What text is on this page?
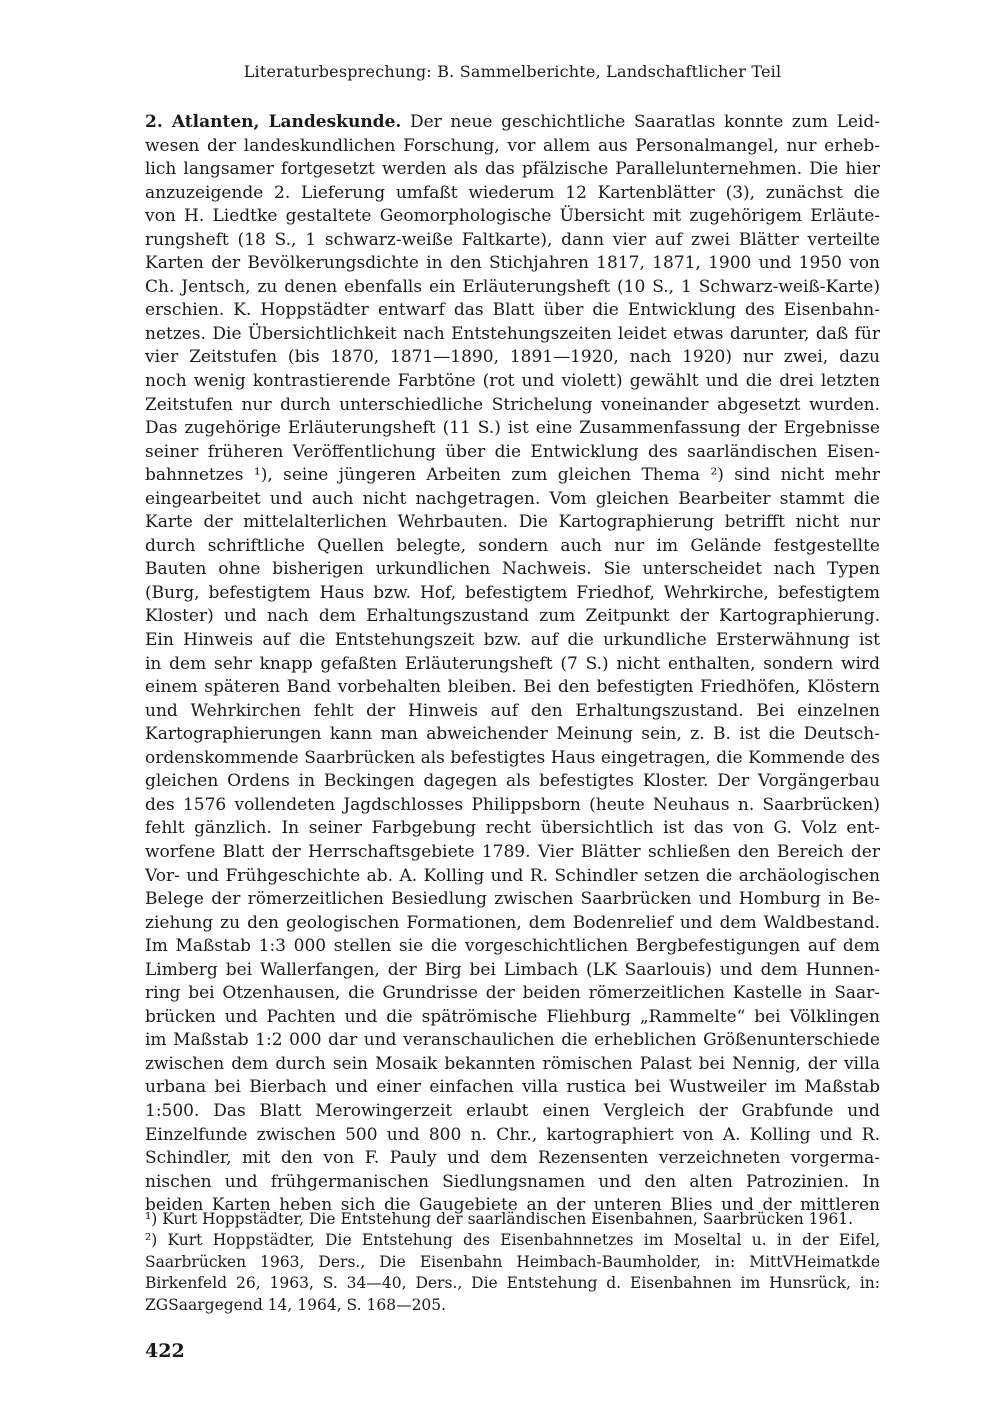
Literaturbesprechung: B. Sammelberichte, Landschaftlicher Teil
2. Atlanten, Landeskunde. Der neue geschichtliche Saaratlas konnte zum Leid-
wesen der landeskundlichen Forschung, vor allem aus Personalmangel, nur erheb-
lich langsamer fortgesetzt werden als das pfälzische Parallelunternehmen. Die hier
anzuzeigende 2. Lieferung umfaßt wiederum 12 Kartenblätter (3), zunächst die
von H. Liedtke gestaltete Geomorphologische Übersicht mit zugehörigem Erläute-
rungsheft (18 S., 1 schwarz-weiße Faltkarte), dann vier auf zwei Blätter verteilte
Karten der Bevölkerungsdichte in den Stichjahren 1817, 1871, 1900 und 1950 von
Ch. Jentsch, zu denen ebenfalls ein Erläuterungsheft (10 S., 1 Schwarz-weiß-Karte)
erschien. K. Hoppstädter entwarf das Blatt über die Entwicklung des Eisenbahn-
netzes. Die Übersichtlichkeit nach Entstehungszeiten leidet etwas darunter, daß für
vier Zeitstufen (bis 1870, 1871—1890, 1891—1920, nach 1920) nur zwei, dazu
noch wenig kontrastierende Farbtöne (rot und violett) gewählt und die drei letzten
Zeitstufen nur durch unterschiedliche Strichelung voneinander abgesetzt wurden.
Das zugehörige Erläuterungsheft (11 S.) ist eine Zusammenfassung der Ergebnisse
seiner früheren Veröffentlichung über die Entwicklung des saarländischen Eisen-
bahnnetzes ¹), seine jüngeren Arbeiten zum gleichen Thema ²) sind nicht mehr
eingearbeitet und auch nicht nachgetragen. Vom gleichen Bearbeiter stammt die
Karte der mittelalterlichen Wehrbauten. Die Kartographierung betrifft nicht nur
durch schriftliche Quellen belegte, sondern auch nur im Gelände festgestellte
Bauten ohne bisherigen urkundlichen Nachweis. Sie unterscheidet nach Typen
(Burg, befestigtem Haus bzw. Hof, befestigtem Friedhof, Wehrkirche, befestigtem
Kloster) und nach dem Erhaltungszustand zum Zeitpunkt der Kartographierung.
Ein Hinweis auf die Entstehungszeit bzw. auf die urkundliche Ersterwähnung ist
in dem sehr knapp gefaßten Erläuterungsheft (7 S.) nicht enthalten, sondern wird
einem späteren Band vorbehalten bleiben. Bei den befestigten Friedhöfen, Klöstern
und Wehrkirchen fehlt der Hinweis auf den Erhaltungszustand. Bei einzelnen
Kartographierungen kann man abweichender Meinung sein, z. B. ist die Deutsch-
ordenskommende Saarbrücken als befestigtes Haus eingetragen, die Kommende des
gleichen Ordens in Beckingen dagegen als befestigtes Kloster. Der Vorgängerbau
des 1576 vollendeten Jagdschlosses Philippsborn (heute Neuhaus n. Saarbrücken)
fehlt gänzlich. In seiner Farbgebung recht übersichtlich ist das von G. Volz ent-
worfene Blatt der Herrschaftsgebiete 1789. Vier Blätter schließen den Bereich der
Vor- und Frühgeschichte ab. A. Kolling und R. Schindler setzen die archäologischen
Belege der römerzeitlichen Besiedlung zwischen Saarbrücken und Homburg in Be-
ziehung zu den geologischen Formationen, dem Bodenrelief und dem Waldbestand.
Im Maßstab 1:3 000 stellen sie die vorgeschichtlichen Bergbefestigungen auf dem
Limberg bei Wallerfangen, der Birg bei Limbach (LK Saarlouis) und dem Hunnen-
ring bei Otzenhausen, die Grundrisse der beiden römerzeitlichen Kastelle in Saar-
brücken und Pachten und die spätrömische Fliehburg „Rammelte“ bei Völklingen
im Maßstab 1:2 000 dar und veranschaulichen die erheblichen Größenunterschiede
zwischen dem durch sein Mosaik bekannten römischen Palast bei Nennig, der villa
urbana bei Bierbach und einer einfachen villa rustica bei Wustweiler im Maßstab
1:500. Das Blatt Merowingerzeit erlaubt einen Vergleich der Grabfunde und
Einzelfunde zwischen 500 und 800 n. Chr., kartographiert von A. Kolling und R.
Schindler, mit den von F. Pauly und dem Rezensenten verzeichneten vorgerma-
nischen und frühgermanischen Siedlungsnamen und den alten Patrozinien. In
beiden Karten heben sich die Gaugebiete an der unteren Blies und der mittleren
¹) Kurt Hoppstädter, Die Entstehung der saarländischen Eisenbahnen, Saarbrücken 1961.
²) Kurt Hoppstädter, Die Entstehung des Eisenbahnnetzes im Moseltal u. in der Eifel,
Saarbrücken 1963, Ders., Die Eisenbahn Heimbach-Baumholder, in: MittVHeimatkde
Birkenfeld 26, 1963, S. 34—40, Ders., Die Entstehung d. Eisenbahnen im Hunsrück, in:
ZGSaargegend 14, 1964, S. 168—205.
422
